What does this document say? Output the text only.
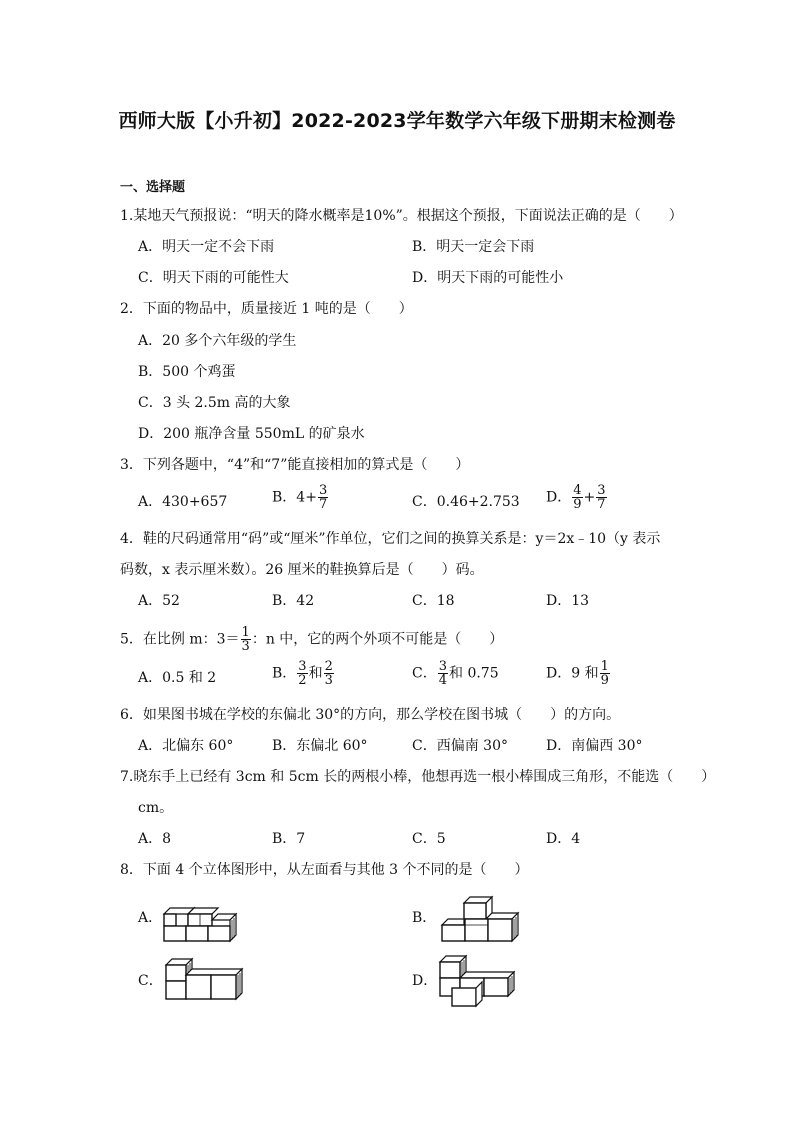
西师大版【小升初】2022-2023学年数学六年级下册期末检测卷
一、选择题
1.某地天气预报说：“明天的降水概率是10%”。根据这个预报，下面说法正确的是（　　）
A．明天一定不会下雨	B．明天一定会下雨
C．明天下雨的可能性大	D．明天下雨的可能性小
2．下面的物品中，质量接近 1 吨的是（　　）
A．20 多个六年级的学生
B．500 个鸡蛋
C．3 头 2.5m 高的大象
D．200 瓶净含量 550mL 的矿泉水
3．下列各题中，“4”和“7”能直接相加的算式是（　　）
A．430+657	B．$4+ \frac{3}{7}$	C．0.46+2.753 D． $\frac{4}{9} + \frac{3}{7}$
4．鞋的尺码通常用“码”或“厘米”作单位，它们之间的换算关系是：y＝2x﹣10（y 表示
码数，x 表示厘米数）。26 厘米的鞋换算后是（　　）码。
A．52	B．42	C．18	D．13
5．在比例 m：$3= \frac{1}{3}$ ：n 中，它的两个外项不可能是（　　）
A．0.5 和 2	B． $\frac{3}{2}$ 和 $\frac{2}{3}$	C． $\frac{3}{4}$ 和 0.75	D．9 和 $\frac{1}{9}$
6．如果图书城在学校的东偏北 30°的方向，那么学校在图书城（　　）的方向。
A．北偏东 60°	B．东偏北 60°	C．西偏南 30°	D．南偏西 30°
7.晓东手上已经有 3cm 和 5cm 长的两根小棒，他想再选一根小棒围成三角形，不能选（　　）
cm。
A．8	B．7	C．5	D．4
8．下面 4 个立体图形中，从左面看与其他 3 个不同的是（　　）
A．	B．
C．	D．
